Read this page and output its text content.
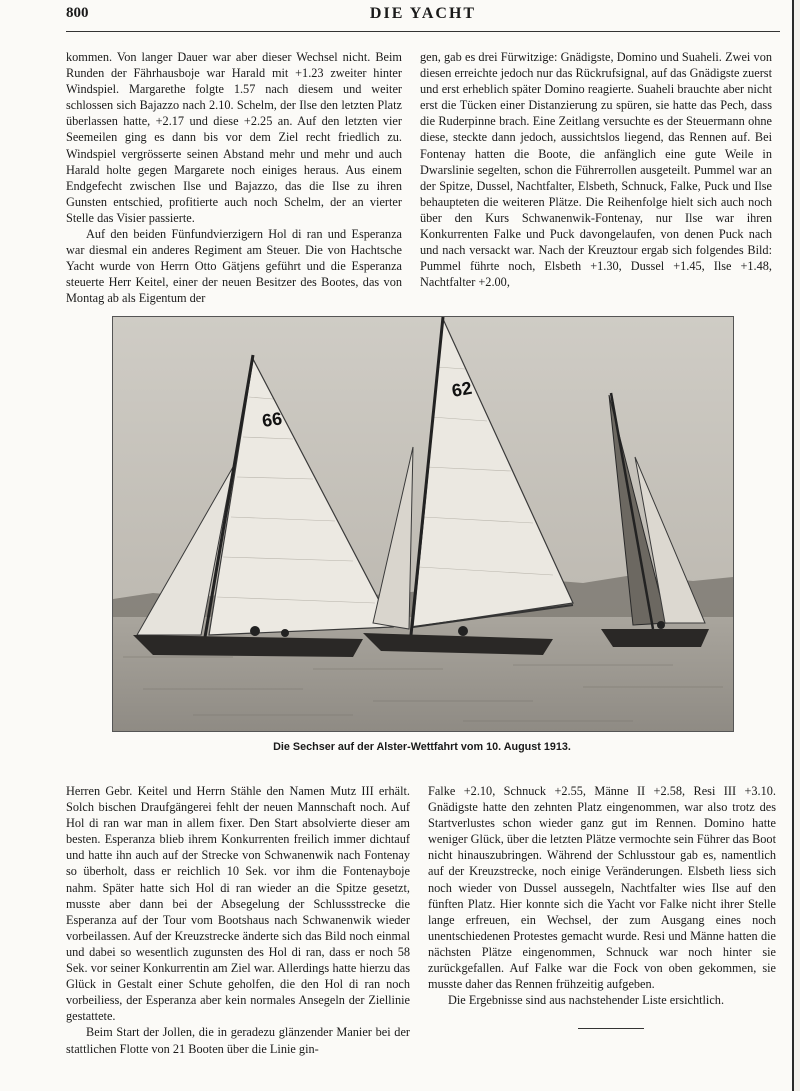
800	DIE YACHT

kommen. Von langer Dauer war aber dieser Wechsel nicht. Beim Runden der Fährhausboje war Harald mit +1.23 zweiter hinter Windspiel. Margarethe folgte 1.57 nach diesem und weiter schlossen sich Bajazzo nach 2.10. Schelm, der Ilse den letzten Platz überlassen hatte, +2.17 und diese +2.25 an. Auf den letzten vier Seemeilen ging es dann bis vor dem Ziel recht friedlich zu. Windspiel vergrösserte seinen Abstand mehr und mehr und auch Harald holte gegen Margarete noch einiges heraus. Aus einem Endgefecht zwischen Ilse und Bajazzo, das die Ilse zu ihren Gunsten entschied, profitierte auch noch Schelm, der an vierter Stelle das Visier passierte.

Auf den beiden Fünfundvierzigern Hol di ran und Esperanza war diesmal ein anderes Regiment am Steuer. Die von Hachtsche Yacht wurde von Herrn Otto Gätjens geführt und die Esperanza steuerte Herr Keitel, einer der neuen Besitzer des Bootes, das von Montag ab als Eigentum der

gen, gab es drei Fürwitzige: Gnädigste, Domino und Suaheli. Zwei von diesen erreichte jedoch nur das Rückrufsignal, auf das Gnädigste zuerst und erst erheblich später Domino reagierte. Suaheli brauchte aber nicht erst die Tücken einer Distanzierung zu spüren, sie hatte das Pech, dass die Ruderpinne brach. Eine Zeitlang versuchte es der Steuermann ohne diese, steckte dann jedoch, aussichtslos liegend, das Rennen auf. Bei Fontenay hatten die Boote, die anfänglich eine gute Weile in Dwarslinie segelten, schon die Führerrollen ausgeteilt. Pummel war an der Spitze, Dussel, Nachtfalter, Elsbeth, Schnuck, Falke, Puck und Ilse behaupteten die weiteren Plätze. Die Reihenfolge hielt sich auch noch über den Kurs Schwanenwik-Fontenay, nur Ilse war ihren Konkurrenten Falke und Puck davongelaufen, von denen Puck nach und nach versackt war. Nach der Kreuztour ergab sich folgendes Bild: Pummel führte noch, Elsbeth +1.30, Dussel +1.45, Ilse +1.48, Nachtfalter +2.00,

66
62
Die Sechser auf der Alster-Wettfahrt vom 10. August 1913.

Herren Gebr. Keitel und Herrn Stähle den Namen Mutz III erhält. Solch bischen Draufgängerei fehlt der neuen Mannschaft noch. Auf Hol di ran war man in allem fixer. Den Start absolvierte dieser am besten. Esperanza blieb ihrem Konkurrenten freilich immer dichtauf und hatte ihn auch auf der Strecke von Schwanenwik nach Fontenay so überholt, dass er reichlich 10 Sek. vor ihm die Fontenayboje nahm. Später hatte sich Hol di ran wieder an die Spitze gesetzt, musste aber dann bei der Absegelung der Schlussstrecke die Esperanza auf der Tour vom Bootshaus nach Schwanenwik wieder vorbeilassen. Auf der Kreuzstrecke änderte sich das Bild noch einmal und dabei so wesentlich zugunsten des Hol di ran, dass er noch 58 Sek. vor seiner Konkurrentin am Ziel war. Allerdings hatte hierzu das Glück in Gestalt einer Schute geholfen, die den Hol di ran noch vorbeiliess, der Esperanza aber kein normales Ansegeln der Ziellinie gestattete.

Beim Start der Jollen, die in geradezu glänzender Manier bei der stattlichen Flotte von 21 Booten über die Linie gin-

Falke +2.10, Schnuck +2.55, Männe II +2.58, Resi III +3.10. Gnädigste hatte den zehnten Platz eingenommen, war also trotz des Startverlustes schon wieder ganz gut im Rennen. Domino hatte weniger Glück, über die letzten Plätze vermochte sein Führer das Boot nicht hinauszubringen. Während der Schlusstour gab es, namentlich auf der Kreuzstrecke, noch einige Veränderungen. Elsbeth liess sich noch wieder von Dussel aussegeln, Nachtfalter wies Ilse auf den fünften Platz. Hier konnte sich die Yacht vor Falke nicht ihrer Stelle lange erfreuen, ein Wechsel, der zum Ausgang eines noch unentschiedenen Protestes gemacht wurde. Resi und Männe hatten die nächsten Plätze eingenommen, Schnuck war noch hinter sie zurückgefallen. Auf Falke war die Fock von oben gekommen, sie musste daher das Rennen frühzeitig aufgeben.

Die Ergebnisse sind aus nachstehender Liste ersichtlich.
